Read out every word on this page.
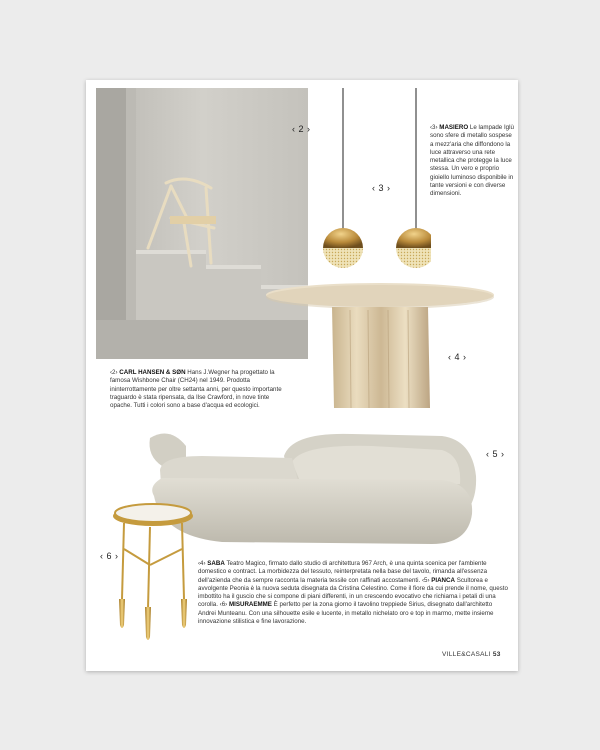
‹ 2 ›
‹ 3 ›
‹3› MASIERO Le lampade Iglù sono sfere di metallo sospese a mezz'aria che diffondono la luce attraverso una rete metallica che protegge la luce stessa. Un vero e proprio gioiello luminoso disponibile in tante versioni e con diverse dimensioni.
‹ 4 ›
‹2› CARL HANSEN & SØN Hans J.Wegner ha progettato la famosa Wishbone Chair (CH24) nel 1949. Prodotta ininterrottamente per oltre settanta anni, per questo importante traguardo è stata ripensata, da Ilse Crawford, in nove tinte opache. Tutti i colori sono a base d'acqua ed ecologici.
‹ 5 ›
‹ 6 ›
‹4› SABA Teatro Magico, firmato dallo studio di architettura 967 Arch, è una quinta scenica per l'ambiente domestico e contract. La morbidezza del tessuto, reinterpretata nella base del tavolo, rimanda all'essenza dell'azienda che da sempre racconta la materia tessile con raffinati accostamenti. ‹5› PIANCA Scultorea e avvolgente Peonia è la nuova seduta disegnata da Cristina Celestino. Come il fiore da cui prende il nome, questo imbottito ha il guscio che si compone di piani differenti, in un crescendo evocativo che richiama i petali di una corolla. ‹6› MISURAEMME È perfetto per la zona giorno il tavolino treppiede Sirius, disegnato dall'architetto Andrei Munteanu. Con una silhouette esile e lucente, in metallo nichelato oro e top in marmo, mette insieme innovazione stilistica e fine lavorazione.
VILLE&CASALI 53
